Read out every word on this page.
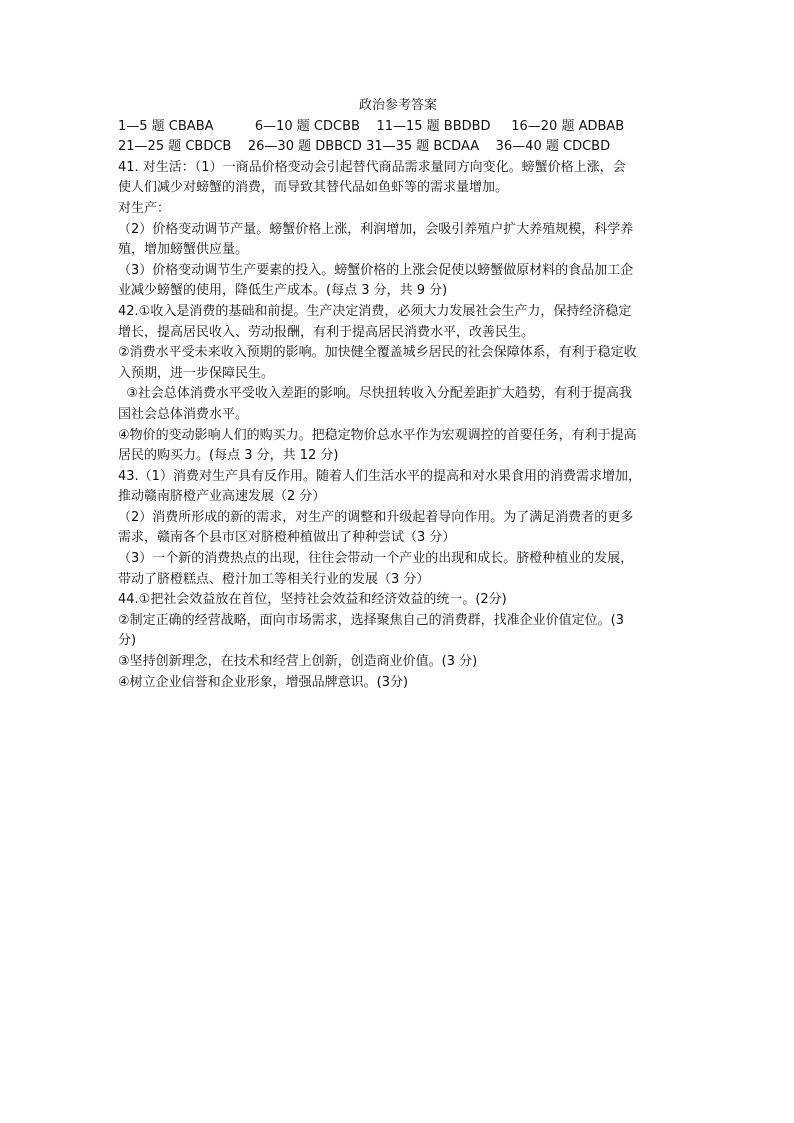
政治参考答案

1—5 题 CBABA          6—10 题 CDCBB    11—15 题 BBDBD     16—20 题 ADBAB

21—25 题 CBDCB    26—30 题 DBBCD 31—35 题 BCDAA    36—40 题 CDCBD

41. 对生活：（1）一商品价格变动会引起替代商品需求量同方向变化。螃蟹价格上涨，会

使人们减少对螃蟹的消费，而导致其替代品如鱼虾等的需求量增加。

对生产：

（2）价格变动调节产量。螃蟹价格上涨，利润增加，会吸引养殖户扩大养殖规模，科学养

殖，增加螃蟹供应量。

（3）价格变动调节生产要素的投入。螃蟹价格的上涨会促使以螃蟹做原材料的食品加工企

业减少螃蟹的使用，降低生产成本。(每点 3 分，共 9 分)

42.①收入是消费的基础和前提。生产决定消费，必须大力发展社会生产力，保持经济稳定

增长，提高居民收入、劳动报酬，有利于提高居民消费水平，改善民生。

②消费水平受未来收入预期的影响。加快健全覆盖城乡居民的社会保障体系，有利于稳定收

入预期，进一步保障民生。

③社会总体消费水平受收入差距的影响。尽快扭转收入分配差距扩大趋势，有利于提高我

国社会总体消费水平。

④物价的变动影响人们的购买力。把稳定物价总水平作为宏观调控的首要任务，有利于提高

居民的购买力。(每点 3 分，共 12 分)

43.（1）消费对生产具有反作用。随着人们生活水平的提高和对水果食用的消费需求增加，

推动赣南脐橙产业高速发展（2 分）

（2）消费所形成的新的需求，对生产的调整和升级起着导向作用。为了满足消费者的更多

需求，赣南各个县市区对脐橙种植做出了种种尝试（3 分）

（3）一个新的消费热点的出现，往往会带动一个产业的出现和成长。脐橙种植业的发展，

带动了脐橙糕点、橙汁加工等相关行业的发展（3 分）

44.①把社会效益放在首位，坚持社会效益和经济效益的统一。(2分)

②制定正确的经营战略，面向市场需求，选择聚焦自己的消费群，找准企业价值定位。(3

分)

③坚持创新理念，在技术和经营上创新，创造商业价值。(3 分)

④树立企业信誉和企业形象，增强品牌意识。(3分)
